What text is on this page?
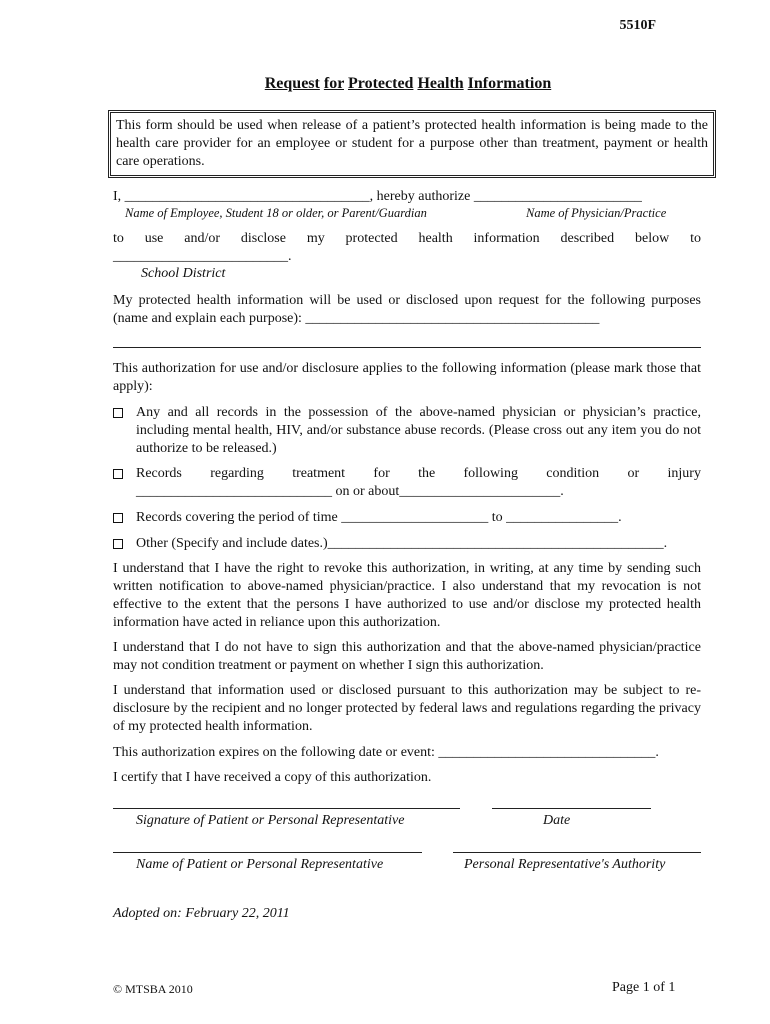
5510F
Request for Protected Health Information
This form should be used when release of a patient’s protected health information is being made to the health care provider for an employee or student for a purpose other than treatment, payment or health care operations.
I, ___________________________________, hereby authorize ________________________
Name of Employee, Student 18 or older, or Parent/Guardian	Name of Physician/Practice
to use and/or disclose my protected health information described below to
_________________________.
School District
My protected health information will be used or disclosed upon request for the following purposes (name and explain each purpose): __________________________________________
This authorization for use and/or disclosure applies to the following information (please mark those that apply):
Any and all records in the possession of the above-named physician or physician’s practice, including mental health, HIV, and/or substance abuse records. (Please cross out any item you do not authorize to be released.)
Records regarding treatment for the following condition or injury
____________________________ on or about_______________________.
Records covering the period of time _____________________ to ________________.
Other (Specify and include dates.)________________________________________________.
I understand that I have the right to revoke this authorization, in writing, at any time by sending such written notification to above-named physician/practice. I also understand that my revocation is not effective to the extent that the persons I have authorized to use and/or disclose my protected health information have acted in reliance upon this authorization.
I understand that I do not have to sign this authorization and that the above-named physician/practice may not condition treatment or payment on whether I sign this authorization.
I understand that information used or disclosed pursuant to this authorization may be subject to re-disclosure by the recipient and no longer protected by federal laws and regulations regarding the privacy of my protected health information.
This authorization expires on the following date or event: _______________________________.
I certify that I have received a copy of this authorization.
Signature of Patient or Personal Representative	Date
Name of Patient or Personal Representative	Personal Representative's Authority
Adopted on: February 22, 2011
© MTSBA 2010	Page 1 of 1
